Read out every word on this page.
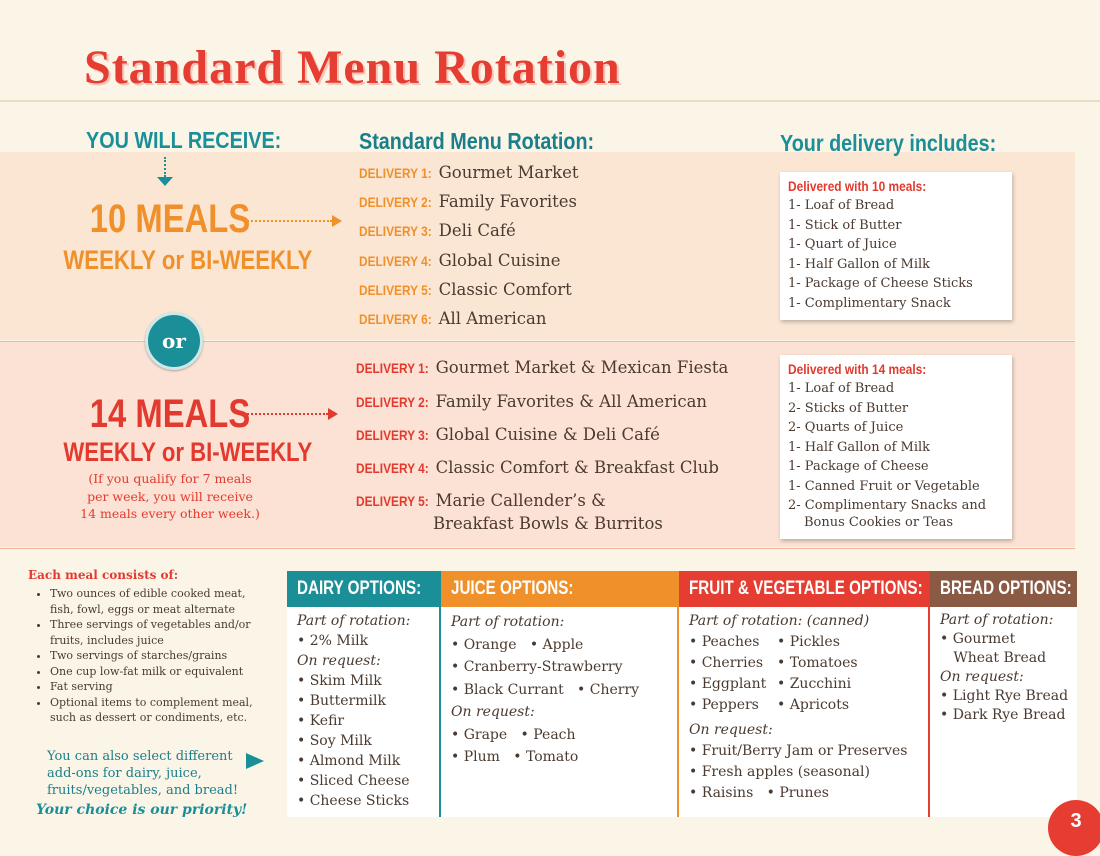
Standard Menu Rotation
YOU WILL RECEIVE:	Standard Menu Rotation:	Your delivery includes:
10 MEALS
WEEKLY or BI-WEEKLY
or
14 MEALS
WEEKLY or BI-WEEKLY
(If you qualify for 7 meals
per week, you will receive
14 meals every other week.)
DELIVERY 1: Gourmet Market
DELIVERY 2: Family Favorites
DELIVERY 3: Deli Café
DELIVERY 4: Global Cuisine
DELIVERY 5: Classic Comfort
DELIVERY 6: All American
DELIVERY 1: Gourmet Market & Mexican Fiesta
DELIVERY 2: Family Favorites & All American
DELIVERY 3: Global Cuisine & Deli Café
DELIVERY 4: Classic Comfort & Breakfast Club
DELIVERY 5: Marie Callender’s &
Breakfast Bowls & Burritos
Delivered with 10 meals:
1- Loaf of Bread
1- Stick of Butter
1- Quart of Juice
1- Half Gallon of Milk
1- Package of Cheese Sticks
1- Complimentary Snack
Delivered with 14 meals:
1- Loaf of Bread
2- Sticks of Butter
2- Quarts of Juice
1- Half Gallon of Milk
1- Package of Cheese
1- Canned Fruit or Vegetable
2- Complimentary Snacks and
Bonus Cookies or Teas
Each meal consists of:
• Two ounces of edible cooked meat, fish, fowl, eggs or meat alternate
• Three servings of vegetables and/or fruits, includes juice
• Two servings of starches/grains
• One cup low-fat milk or equivalent
• Fat serving
• Optional items to complement meal, such as dessert or condiments, etc.
You can also select different
add-ons for dairy, juice,
fruits/vegetables, and bread!
Your choice is our priority!
DAIRY OPTIONS:
Part of rotation:
• 2% Milk
On request:
• Skim Milk
• Buttermilk
• Kefir
• Soy Milk
• Almond Milk
• Sliced Cheese
• Cheese Sticks
JUICE OPTIONS:
Part of rotation:
• Orange   • Apple
• Cranberry-Strawberry
• Black Currant   • Cherry
On request:
• Grape   • Peach
• Plum   • Tomato
FRUIT & VEGETABLE OPTIONS:
Part of rotation: (canned)
• Peaches
• Cherries
• Eggplant
• Peppers
• Pickles
• Tomatoes
• Zucchini
• Apricots
On request:
• Fruit/Berry Jam or Preserves
• Fresh apples (seasonal)
• Raisins   • Prunes
BREAD OPTIONS:
Part of rotation:
• Gourmet
Wheat Bread
On request:
• Light Rye Bread
• Dark Rye Bread
3
